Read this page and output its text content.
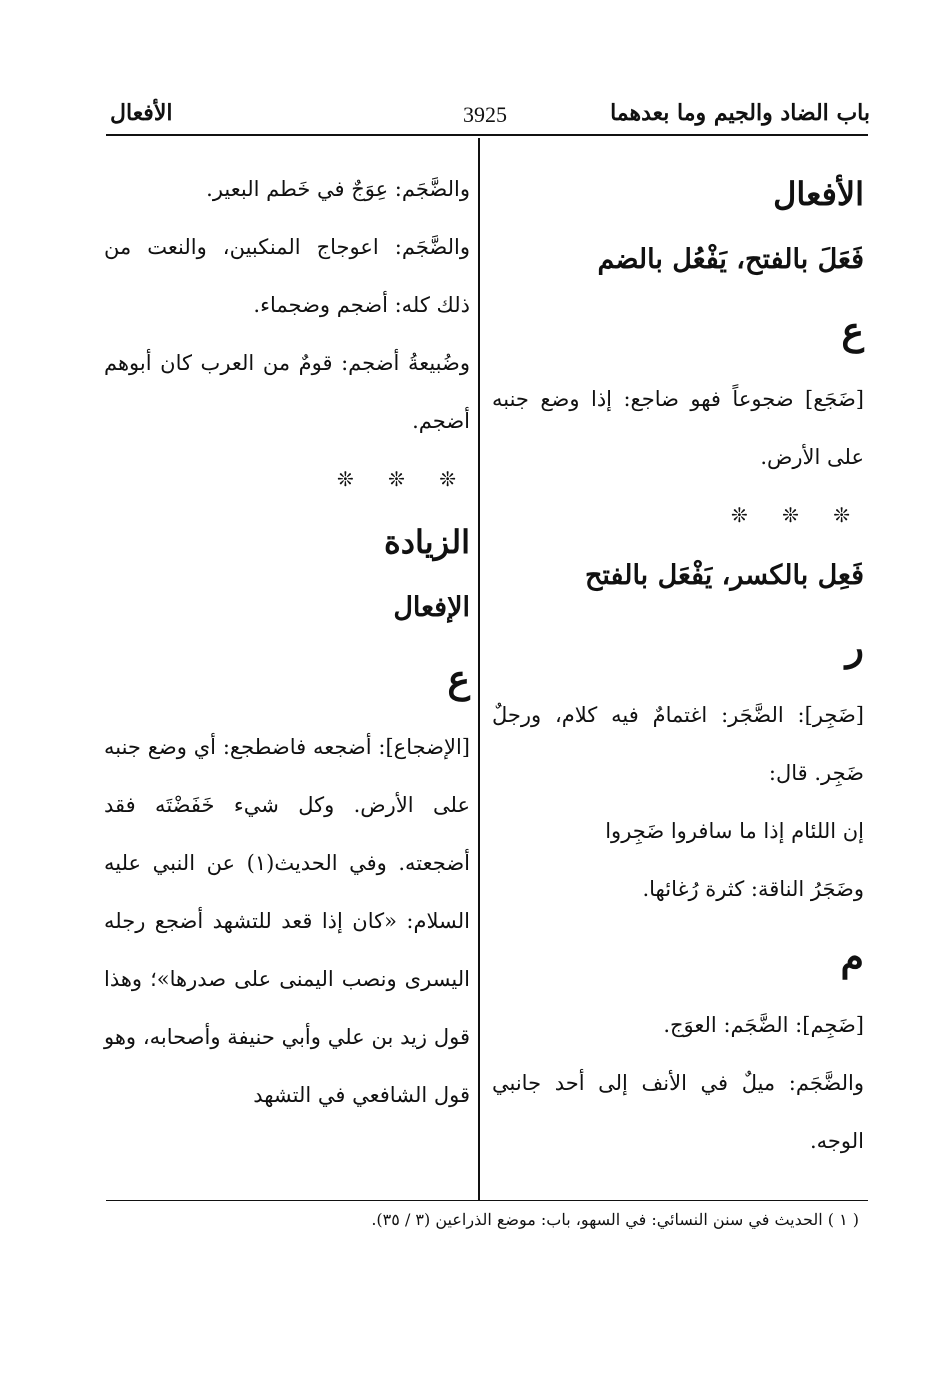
الأفعال	3925	باب الضاد والجيم وما بعدهما

الأفعال

فَعَلَ بالفتح، يَفْعُل بالضم

ع

[ضَجَع] ضجوعاً فهو ضاجع: إذا وضع جنبه على الأرض.

❊ ❊ ❊

فَعِل بالكسر، يَفْعَل بالفتح

ر

[ضَجِر]: الضَّجَر: اغتمامٌ فيه كلام، ورجلٌ ضَجِر. قال:

إن اللئام إذا ما سافروا ضَجِروا

وضَجَرُ الناقة: كثرة رُغائها.

م

[ضَجِم]: الضَّجَم: العوَج.

والضَّجَم: ميلٌ في الأنف إلى أحد جانبي الوجه.

والضَّجَم: عِوَجٌ في خَطم البعير.

والضَّجَم: اعوجاج المنكبين، والنعت من ذلك كله: أضجم وضجماء.

وضُبيعةُ أضجم: قومٌ من العرب كان أبوهم أضجم.

❊ ❊ ❊

الزيادة

الإفعال

ع

[الإضجاع]: أضجعه فاضطجع: أي وضع جنبه على الأرض. وكل شيء خَفَضْتَه فقد أضجعته. وفي الحديث(١) عن النبي عليه السلام: «كان إذا قعد للتشهد أضجع رجله اليسرى ونصب اليمنى على صدرها»؛ وهذا قول زيد بن علي وأبي حنيفة وأصحابه، وهو قول الشافعي في التشهد

( ١ ) الحديث في سنن النسائي: في السهو، باب: موضع الذراعين (٣ / ٣٥).
